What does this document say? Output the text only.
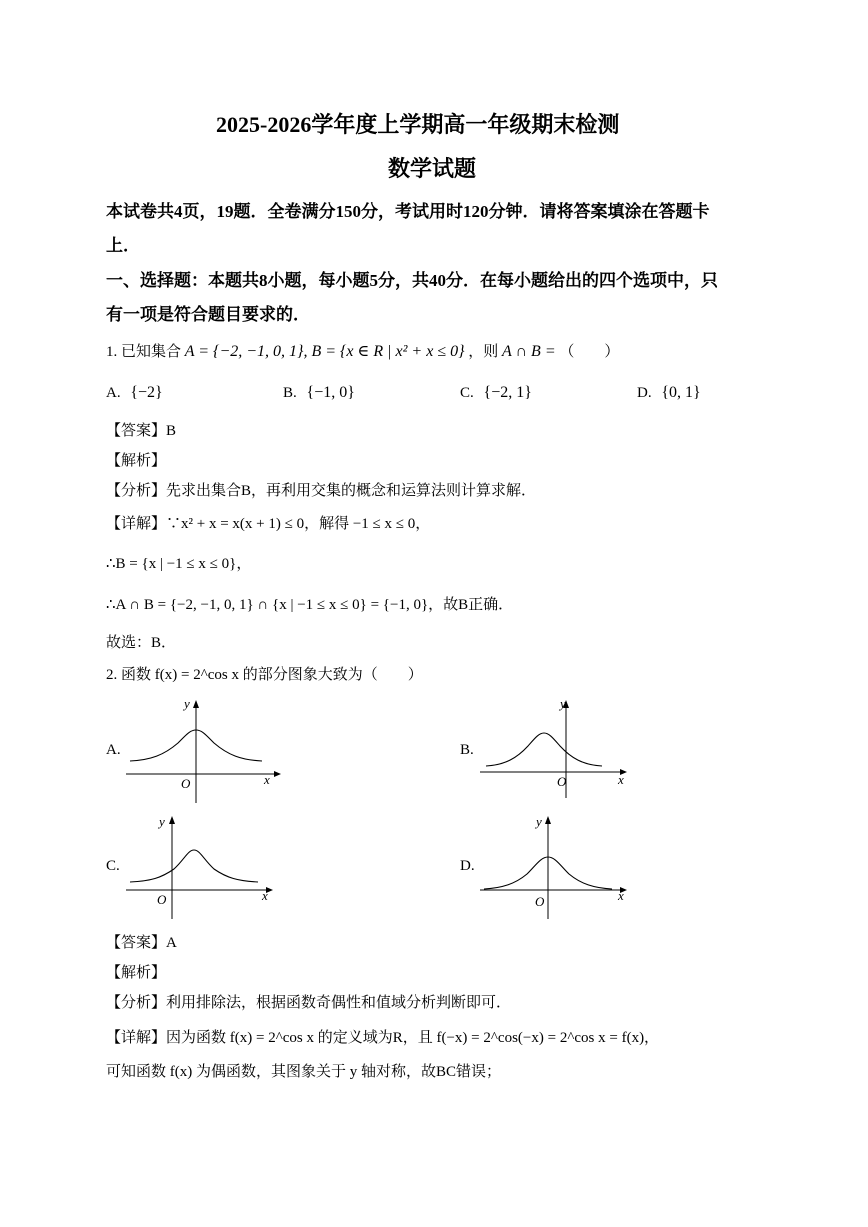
2025-2026学年度上学期高一年级期末检测
数学试题
本试卷共4页，19题．全卷满分150分，考试用时120分钟．请将答案填涂在答题卡
上．
一、选择题：本题共8小题，每小题5分，共40分．在每小题给出的四个选项中，只
有一项是符合题目要求的．
1. 已知集合 A = {−2, −1, 0, 1}, B = {x ∈ R | x² + x ≤ 0} ，则 A ∩ B = （　　）
A. {−2}	B. {−1, 0}	C. {−2, 1}	D. {0, 1}
【答案】B
【解析】
【分析】先求出集合B，再利用交集的概念和运算法则计算求解．
【详解】∵x² + x = x(x + 1) ≤ 0，解得 −1 ≤ x ≤ 0，
∴B = {x | −1 ≤ x ≤ 0}，
∴A ∩ B = {−2, −1, 0, 1} ∩ {x | −1 ≤ x ≤ 0} = {−1, 0}，故B正确．
故选：B．
2. 函数 f(x) = 2^cos x 的部分图象大致为（　　）
A.
y
O	x
B.
y
O	x
C.
y
O	x
D.
y
O	x
【答案】A
【解析】
【分析】利用排除法，根据函数奇偶性和值域分析判断即可．
【详解】因为函数 f(x) = 2^cos x 的定义域为R，且 f(−x) = 2^cos(−x) = 2^cos x = f(x)，
可知函数 f(x) 为偶函数，其图象关于 y 轴对称，故BC错误；
